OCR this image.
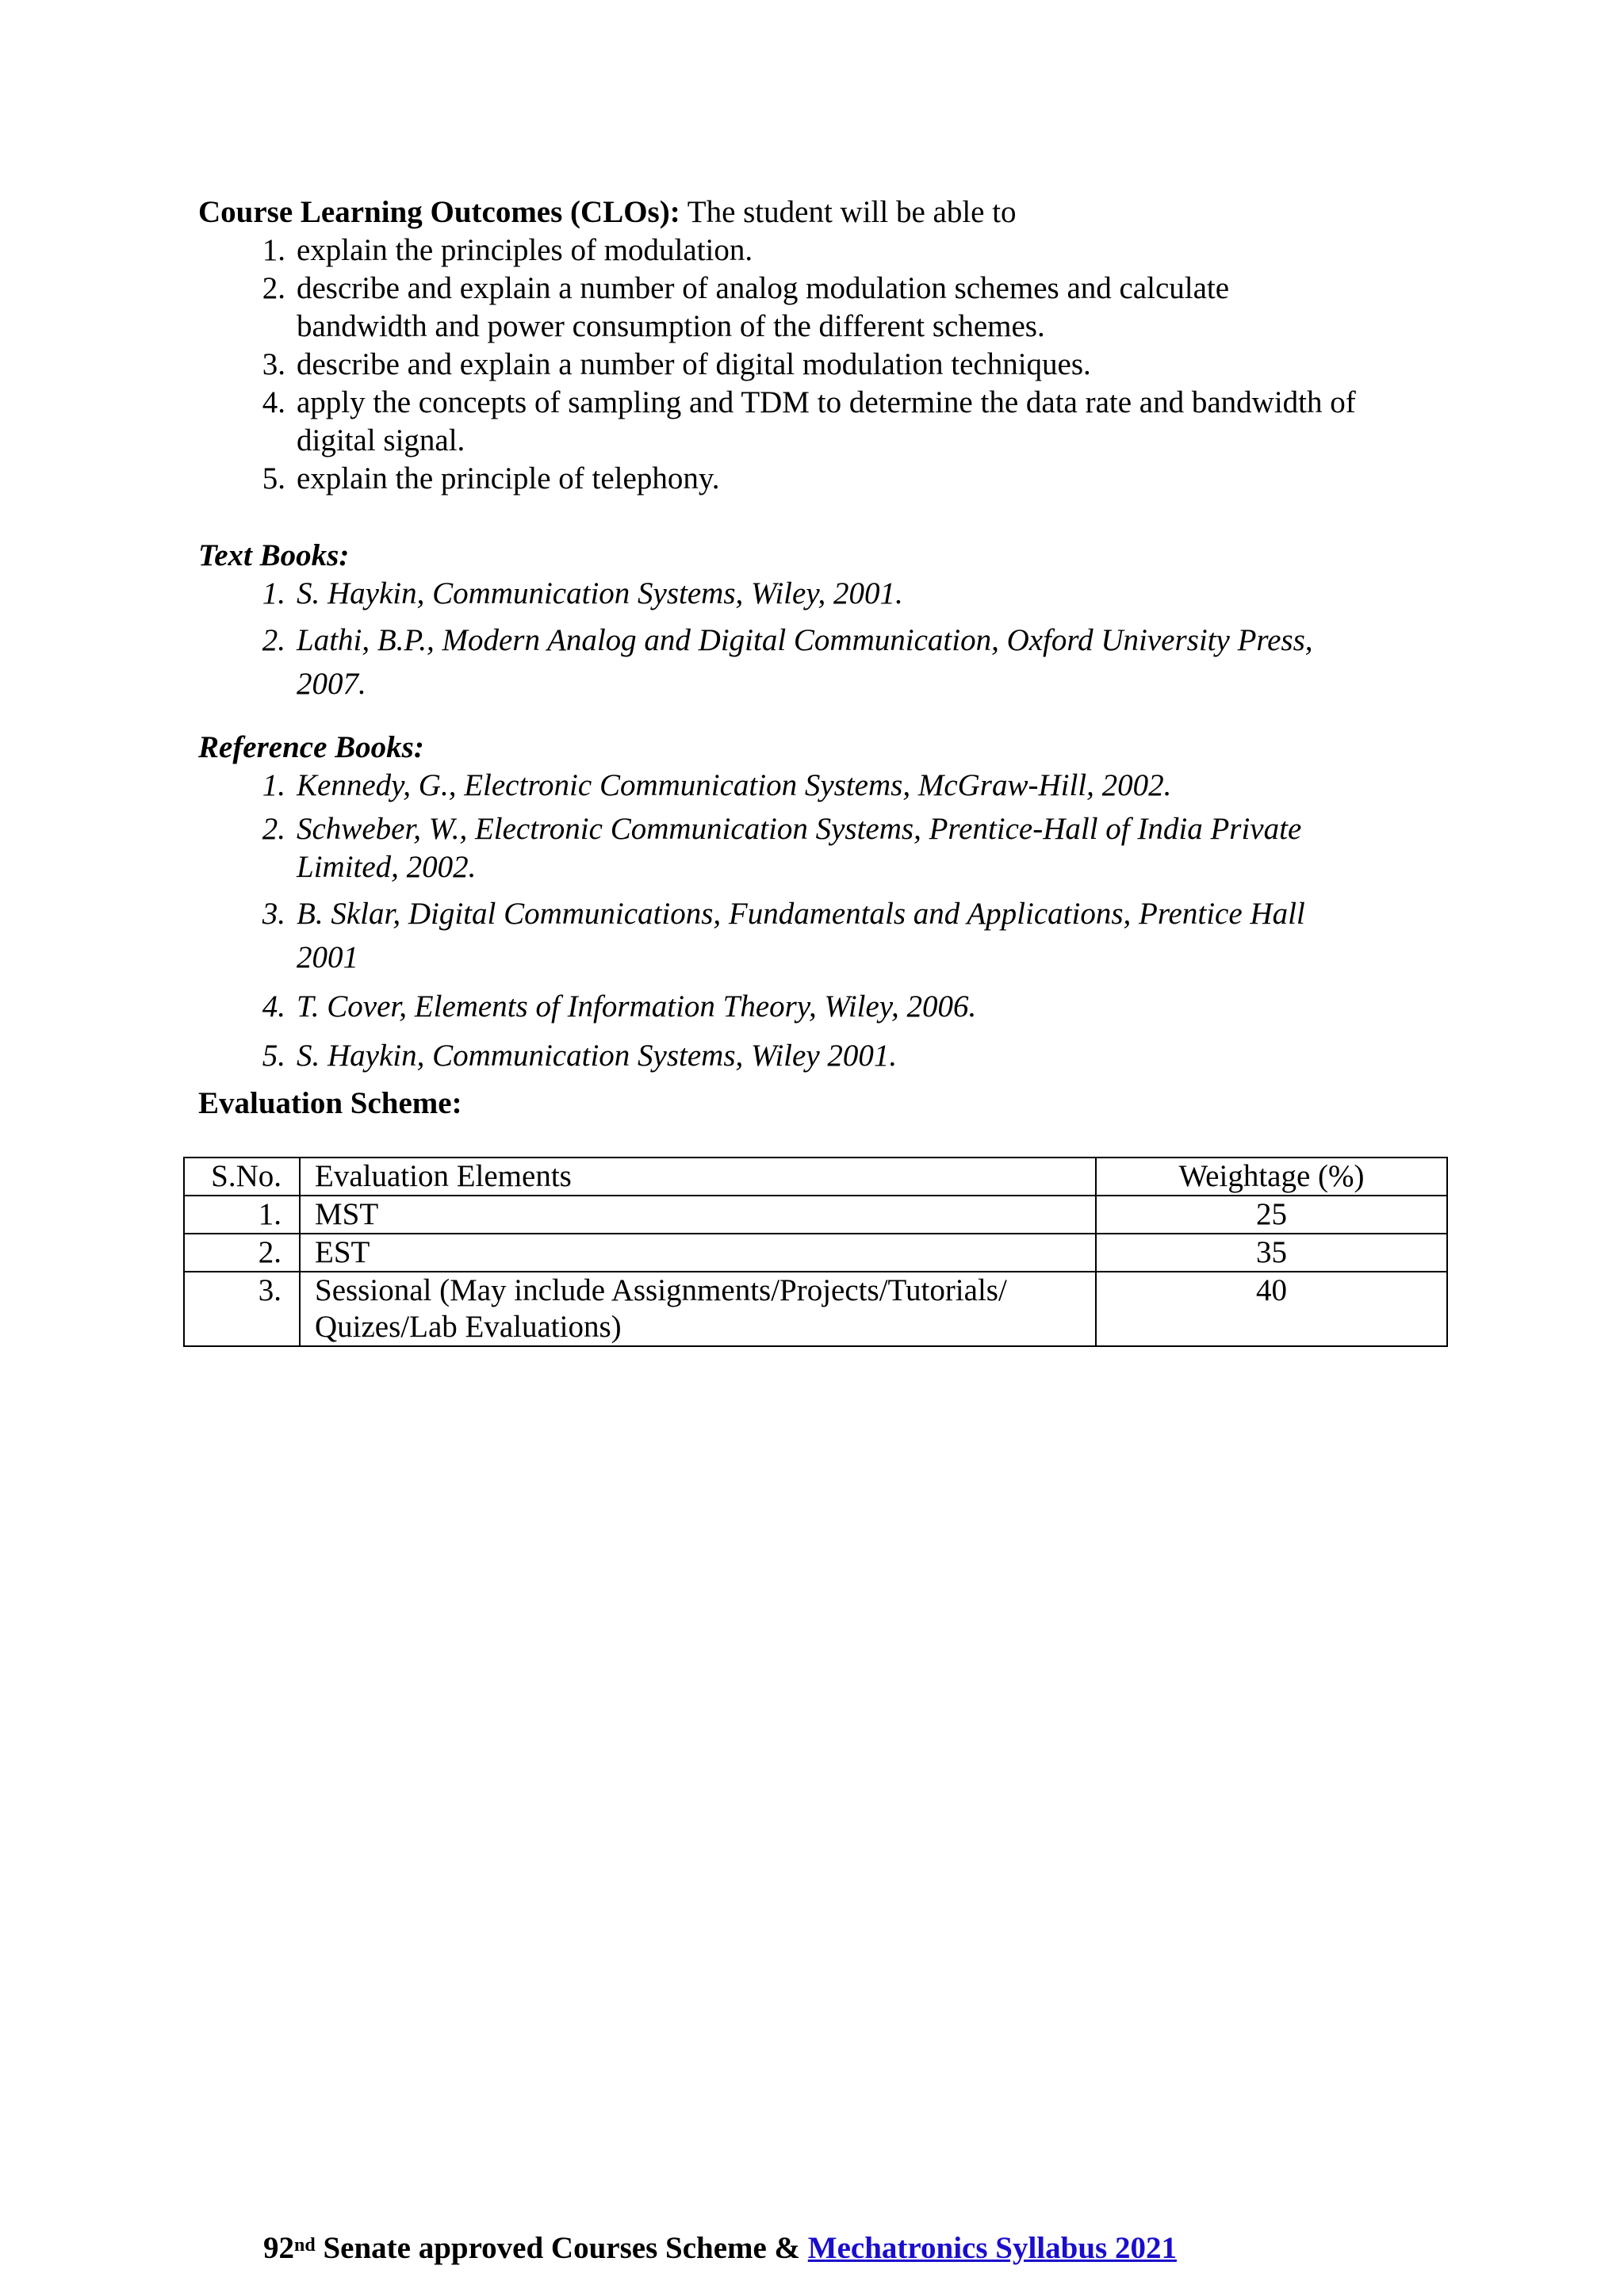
Course Learning Outcomes (CLOs): The student will be able to
1. explain the principles of modulation.
2. describe and explain a number of analog modulation schemes and calculate
bandwidth and power consumption of the different schemes.
3. describe and explain a number of digital modulation techniques.
4. apply the concepts of sampling and TDM to determine the data rate and bandwidth of
digital signal.
5. explain the principle of telephony.
Text Books:
1. S. Haykin, Communication Systems, Wiley, 2001.
2. Lathi, B.P., Modern Analog and Digital Communication, Oxford University Press,
2007.
Reference Books:
1. Kennedy, G., Electronic Communication Systems, McGraw-Hill, 2002.
2. Schweber, W., Electronic Communication Systems, Prentice-Hall of India Private
Limited, 2002.
3. B. Sklar, Digital Communications, Fundamentals and Applications, Prentice Hall
2001
4. T. Cover, Elements of Information Theory, Wiley, 2006.
5. S. Haykin, Communication Systems, Wiley 2001.
Evaluation Scheme:
S.No.	Evaluation Elements	Weightage (%)
1.	MST	25
2.	EST	35
3.	Sessional (May include Assignments/Projects/Tutorials/
Quizes/Lab Evaluations)	40
92nd Senate approved Courses Scheme & Mechatronics Syllabus 2021
